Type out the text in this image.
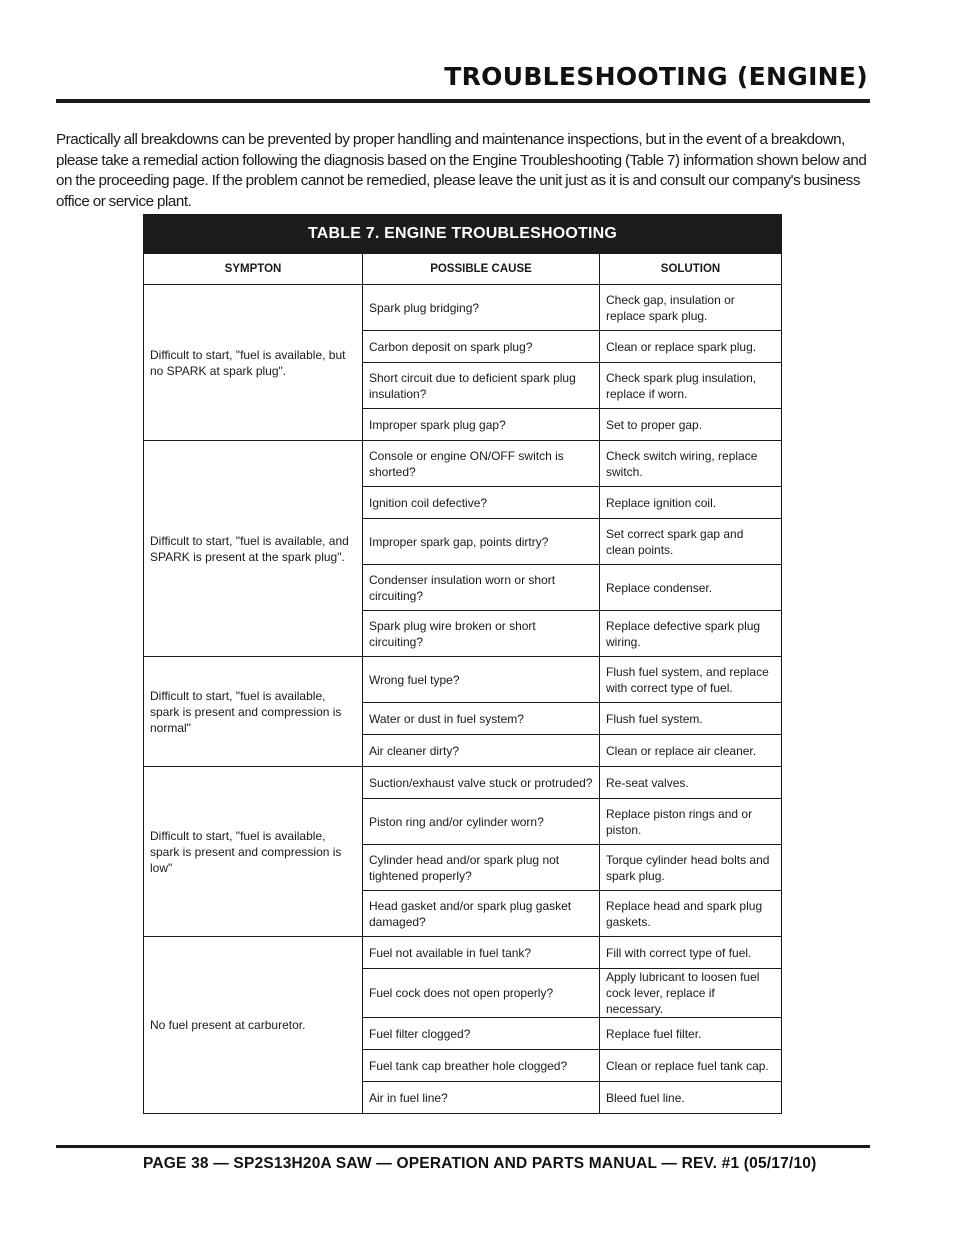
TROUBLESHOOTING (ENGINE)

Practically all breakdowns can be prevented by proper handling and maintenance inspections, but in the event of a breakdown, please take a remedial action following the diagnosis based on the Engine Troubleshooting (Table 7) information shown below and on the proceeding page. If the problem cannot be remedied, please leave the unit just as it is and consult our company's business office or service plant.

TABLE 7. ENGINE TROUBLESHOOTING		
SYMPTON	POSSIBLE CAUSE	SOLUTION
Difficult to start, "fuel is available, but no SPARK at spark plug".	Spark plug bridging?	Check gap, insulation or replace spark plug.
	Carbon deposit on spark plug?	Clean or replace spark plug.
	Short circuit due to deficient spark plug insulation?	Check spark plug insulation, replace if worn.
	Improper spark plug gap?	Set to proper gap.
Difficult to start, "fuel is available, and SPARK is present at the spark plug".	Console or engine ON/OFF switch is shorted?	Check switch wiring, replace switch.
	Ignition coil defective?	Replace ignition coil.
	Improper spark gap, points dirtry?	Set correct spark gap and clean points.
	Condenser insulation worn or short circuiting?	Replace condenser.
	Spark plug wire broken or short circuiting?	Replace defective spark plug wiring.
Difficult to start, "fuel is available, spark is present and compression is normal"	Wrong fuel type?	Flush fuel system, and replace with correct type of fuel.
	Water or dust in fuel system?	Flush fuel system.
	Air cleaner dirty?	Clean or replace air cleaner.
Difficult to start, "fuel is available, spark is present and compression is low"	Suction/exhaust valve stuck or protruded?	Re-seat valves.
	Piston ring and/or cylinder worn?	Replace piston rings and or piston.
	Cylinder head and/or spark plug not tightened properly?	Torque cylinder head bolts and spark plug.
	Head gasket and/or spark plug gasket damaged?	Replace head and spark plug gaskets.
No fuel present at carburetor.	Fuel not available in fuel tank?	Fill with correct type of fuel.
	Fuel cock does not open properly?	Apply lubricant to loosen fuel cock lever, replace if necessary.
	Fuel filter clogged?	Replace fuel filter.
	Fuel tank cap breather hole clogged?	Clean or replace fuel tank cap.
	Air in fuel line?	Bleed fuel line.
PAGE 38 — SP2S13H20A SAW — OPERATION AND PARTS MANUAL — REV. #1 (05/17/10)
